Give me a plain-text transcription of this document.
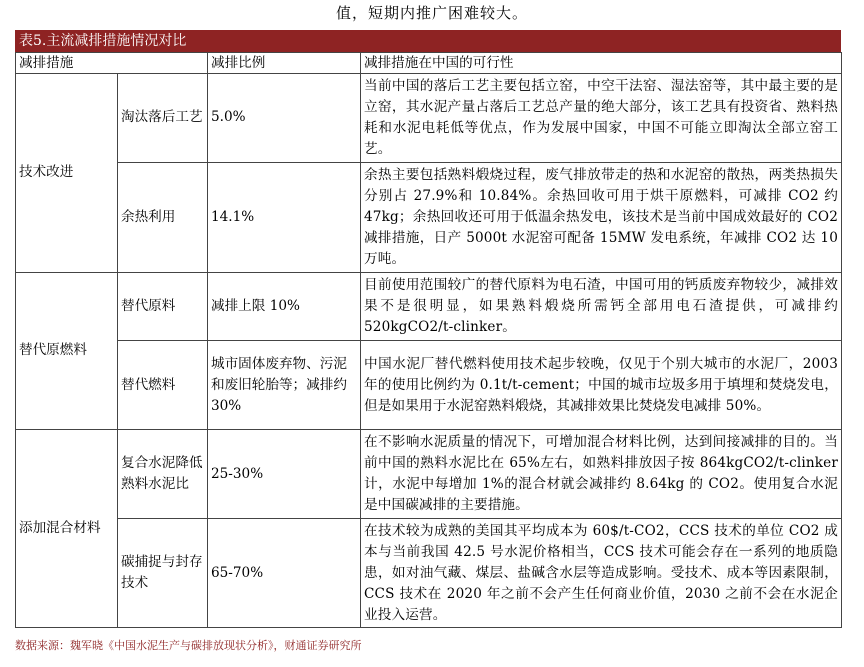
值，短期内推广困难较大。
表5.主流减排措施情况对比
减排措施		减排比例	减排措施在中国的可行性
技术改进	淘汰落后工艺	5.0%	当前中国的落后工艺主要包括立窑，中空干法窑、湿法窑等，其中最主要的是立窑，其水泥产量占落后工艺总产量的绝大部分，该工艺具有投资省、熟料热耗和水泥电耗低等优点，作为发展中国家，中国不可能立即淘汰全部立窑工艺。
	余热利用	14.1%	余热主要包括熟料煅烧过程，废气排放带走的热和水泥窑的散热，两类热损失分别占 27.9%和 10.84%。余热回收可用于烘干原燃料，可减排 CO2 约 47kg；余热回收还可用于低温余热发电，该技术是当前中国成效最好的 CO2 减排措施，日产 5000t 水泥窑可配备 15MW 发电系统，年减排 CO2 达 10 万吨。
替代原燃料	替代原料	减排上限 10%	目前使用范围较广的替代原料为电石渣，中国可用的钙质废弃物较少，减排效果不是很明显，如果熟料煅烧所需钙全部用电石渣提供，可减排约 520kgCO2/t-clinker。
	替代燃料	城市固体废弃物、污泥和废旧轮胎等；减排约 30%	中国水泥厂替代燃料使用技术起步较晚，仅见于个别大城市的水泥厂，2003 年的使用比例约为 0.1t/t-cement；中国的城市垃圾多用于填埋和焚烧发电，但是如果用于水泥窑熟料煅烧，其减排效果比焚烧发电减排 50%。
添加混合材料	复合水泥降低熟料水泥比	25-30%	在不影响水泥质量的情况下，可增加混合材料比例，达到间接减排的目的。当前中国的熟料水泥比在 65%左右，如熟料排放因子按 864kgCO2/t-clinker 计，水泥中每增加 1%的混合材就会减排约 8.64kg 的 CO2。使用复合水泥是中国碳减排的主要措施。
	碳捕捉与封存技术	65-70%	在技术较为成熟的美国其平均成本为 60$/t-CO2，CCS 技术的单位 CO2 成本与当前我国 42.5 号水泥价格相当，CCS 技术可能会存在一系列的地质隐患，如对油气藏、煤层、盐碱含水层等造成影响。受技术、成本等因素限制，CCS 技术在 2020 年之前不会产生任何商业价值，2030 之前不会在水泥企业投入运营。
数据来源：魏军晓《中国水泥生产与碳排放现状分析》，财通证券研究所
